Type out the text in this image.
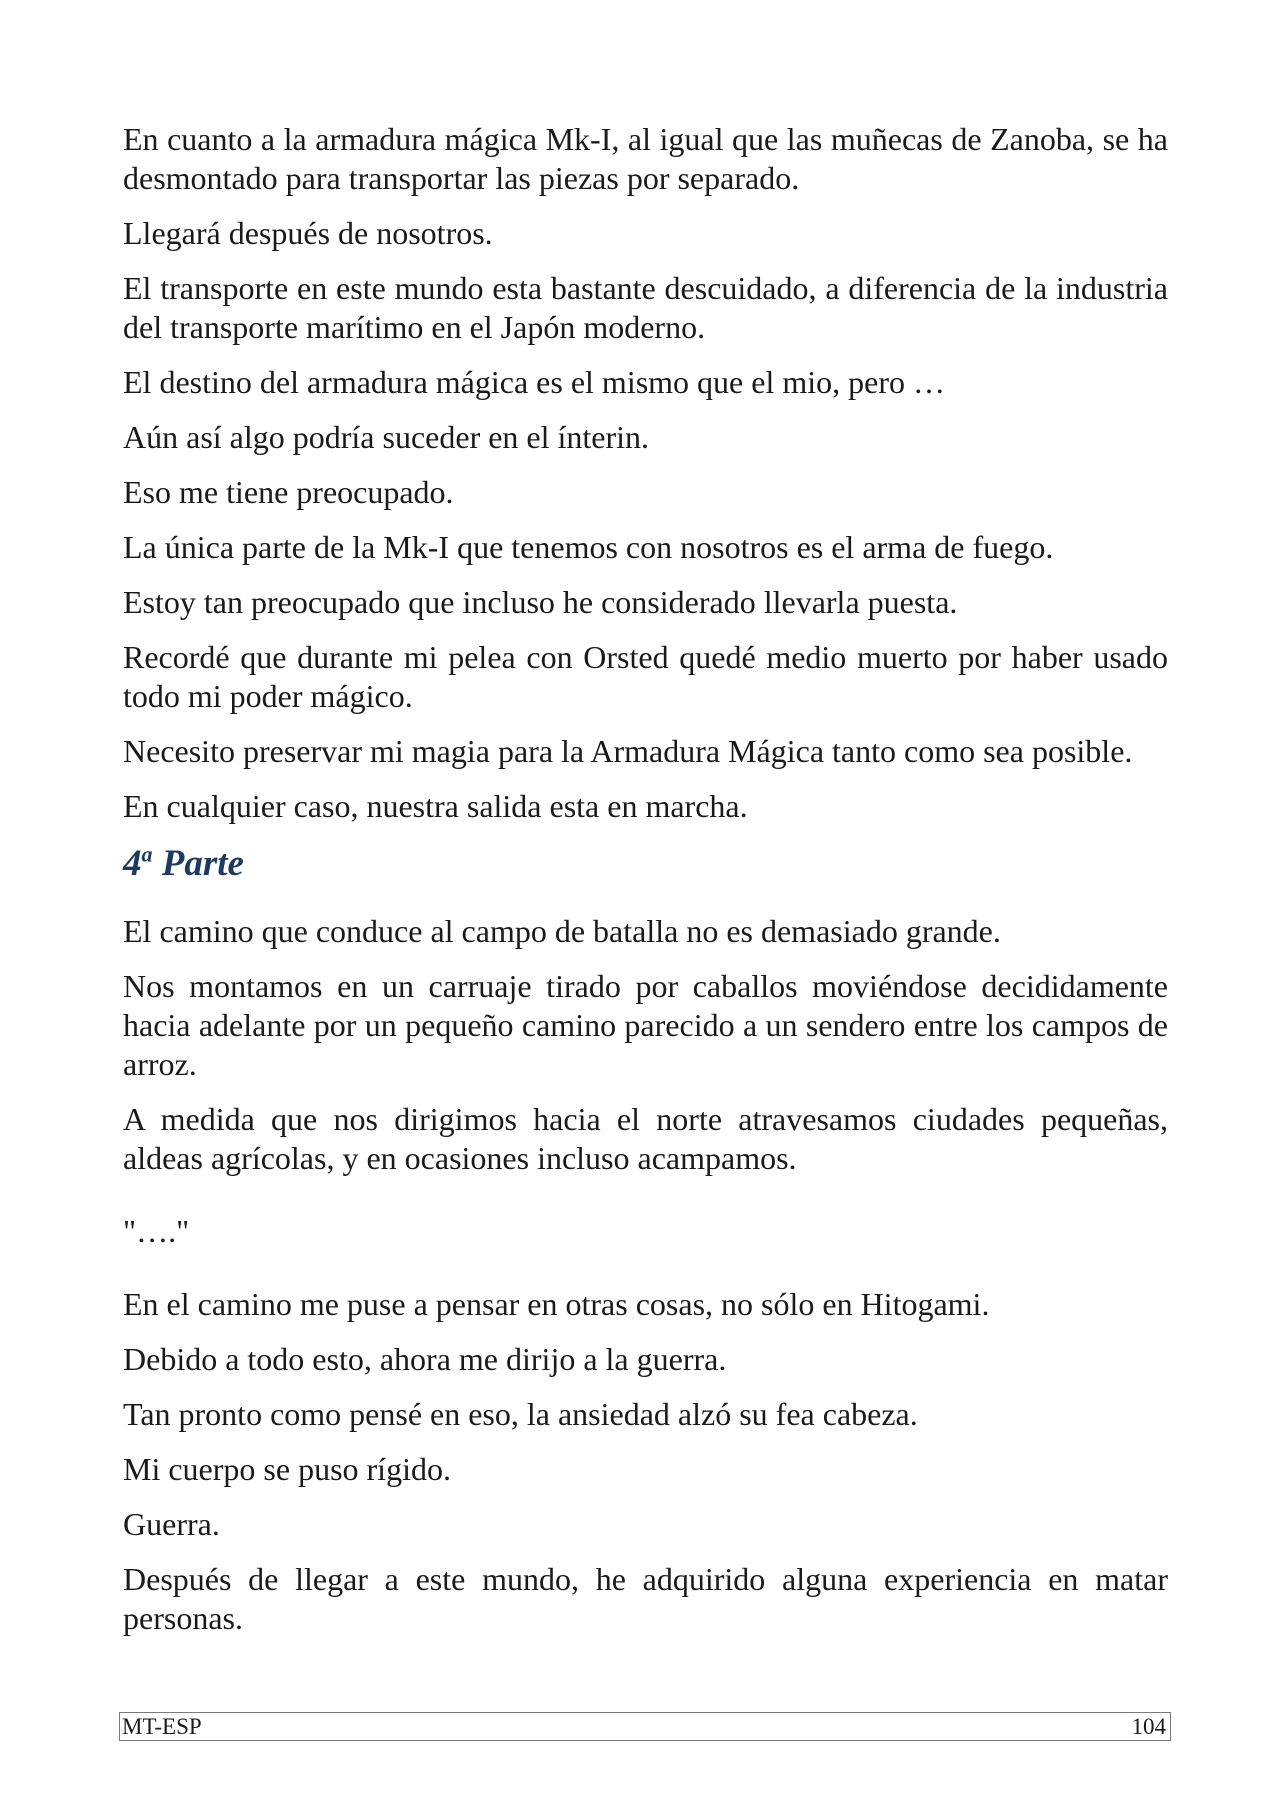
En cuanto a la armadura mágica Mk-I, al igual que las muñecas de Zanoba, se ha desmontado para transportar las piezas por separado.

Llegará después de nosotros.

El transporte en este mundo esta bastante descuidado, a diferencia de la industria del transporte marítimo en el Japón moderno.

El destino del armadura mágica es el mismo que el mio, pero …

Aún así algo podría suceder en el ínterin.

Eso me tiene preocupado.

La única parte de la Mk-I que tenemos con nosotros es el arma de fuego.

Estoy tan preocupado que incluso he considerado llevarla puesta.

Recordé que durante mi pelea con Orsted quedé medio muerto por haber usado todo mi poder mágico.

Necesito preservar mi magia para la Armadura Mágica tanto como sea posible.

En cualquier caso, nuestra salida esta en marcha.

4$^a$ Parte

El camino que conduce al campo de batalla no es demasiado grande.

Nos montamos en un carruaje tirado por caballos moviéndose decididamente hacia adelante por un pequeño camino parecido a un sendero entre los campos de arroz.

A medida que nos dirigimos hacia el norte atravesamos ciudades pequeñas, aldeas agrícolas, y en ocasiones incluso acampamos.

"…."

En el camino me puse a pensar en otras cosas, no sólo en Hitogami.

Debido a todo esto, ahora me dirijo a la guerra.

Tan pronto como pensé en eso, la ansiedad alzó su fea cabeza.

Mi cuerpo se puso rígido.

Guerra.

Después de llegar a este mundo, he adquirido alguna experiencia en matar personas.

MT-ESP	104
